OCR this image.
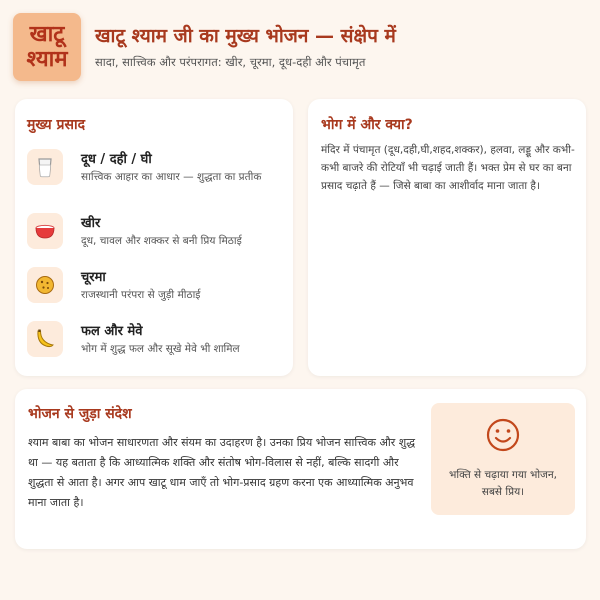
खाटू
श्याम
खाटू श्याम जी का मुख्य भोजन — संक्षेप में
सादा, सात्त्विक और परंपरागत: खीर, चूरमा, दूध-दही और पंचामृत
मुख्य प्रसाद
दूध / दही / घी
सात्त्विक आहार का आधार — शुद्धता का प्रतीक
खीर
दूध, चावल और शक्कर से बनी प्रिय मिठाई
चूरमा
राजस्थानी परंपरा से जुड़ी मीठाई
फल और मेवे
भोग में शुद्ध फल और सूखे मेवे भी शामिल
भोग में और क्या?
मंदिर में पंचामृत (दूध,दही,घी,शहद,शक्कर), हलवा, लड्डू और कभी-कभी बाजरे की रोटियाँ भी चढ़ाई जाती हैं। भक्त प्रेम से घर का बना प्रसाद चढ़ाते हैं — जिसे बाबा का आशीर्वाद माना जाता है।
भोजन से जुड़ा संदेश
श्याम बाबा का भोजन साधारणता और संयम का उदाहरण है। उनका प्रिय भोजन सात्त्विक और शुद्ध था — यह बताता है कि आध्यात्मिक शक्ति और संतोष भोग-विलास से नहीं, बल्कि सादगी और शुद्धता से आता है। अगर आप खाटू धाम जाएँ तो भोग-प्रसाद ग्रहण करना एक आध्यात्मिक अनुभव माना जाता है।
भक्ति से चढ़ाया गया भोजन, सबसे प्रिय।
